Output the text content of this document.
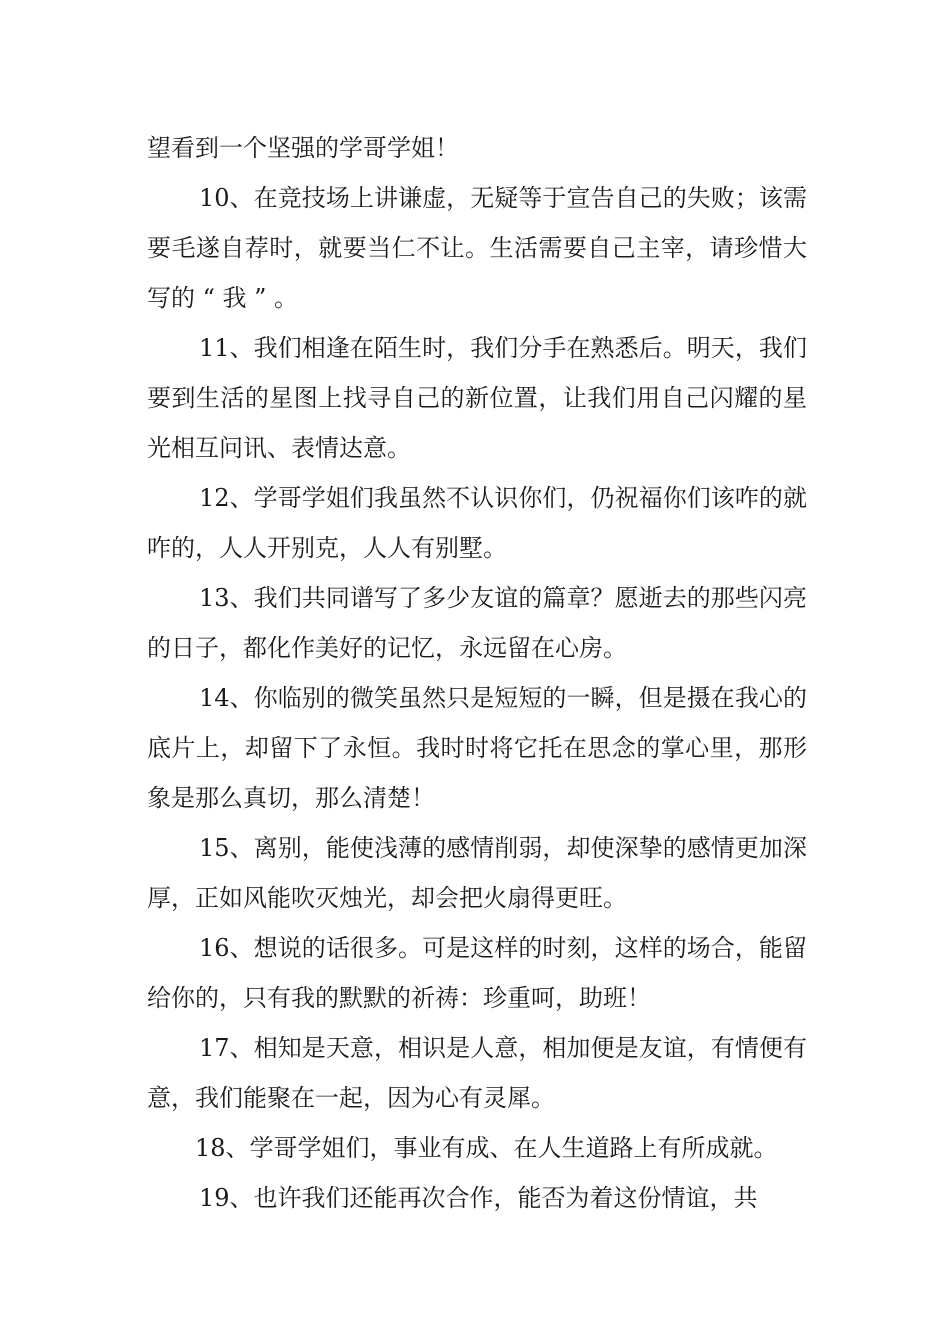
望看到一个坚强的学哥学姐！

10、在竞技场上讲谦虚，无疑等于宣告自己的失败；该需要毛遂自荐时，就要当仁不让。生活需要自己主宰，请珍惜大写的 “ 我 ” 。

11、我们相逢在陌生时，我们分手在熟悉后。明天，我们要到生活的星图上找寻自己的新位置，让我们用自己闪耀的星光相互问讯、表情达意。

12、学哥学姐们我虽然不认识你们，仍祝福你们该咋的就咋的，人人开别克，人人有别墅。

13、我们共同谱写了多少友谊的篇章？愿逝去的那些闪亮的日子，都化作美好的记忆，永远留在心房。

14、你临别的微笑虽然只是短短的一瞬，但是摄在我心的底片上，却留下了永恒。我时时将它托在思念的掌心里，那形象是那么真切，那么清楚！

15、离别，能使浅薄的感情削弱，却使深挚的感情更加深厚，正如风能吹灭烛光，却会把火扇得更旺。

16、想说的话很多。可是这样的时刻，这样的场合，能留给你的，只有我的默默的祈祷：珍重呵，助班！

17、相知是天意，相识是人意，相加便是友谊，有情便有意，我们能聚在一起，因为心有灵犀。

18、学哥学姐们，事业有成、在人生道路上有所成就。

19、也许我们还能再次合作，能否为着这份情谊，共
